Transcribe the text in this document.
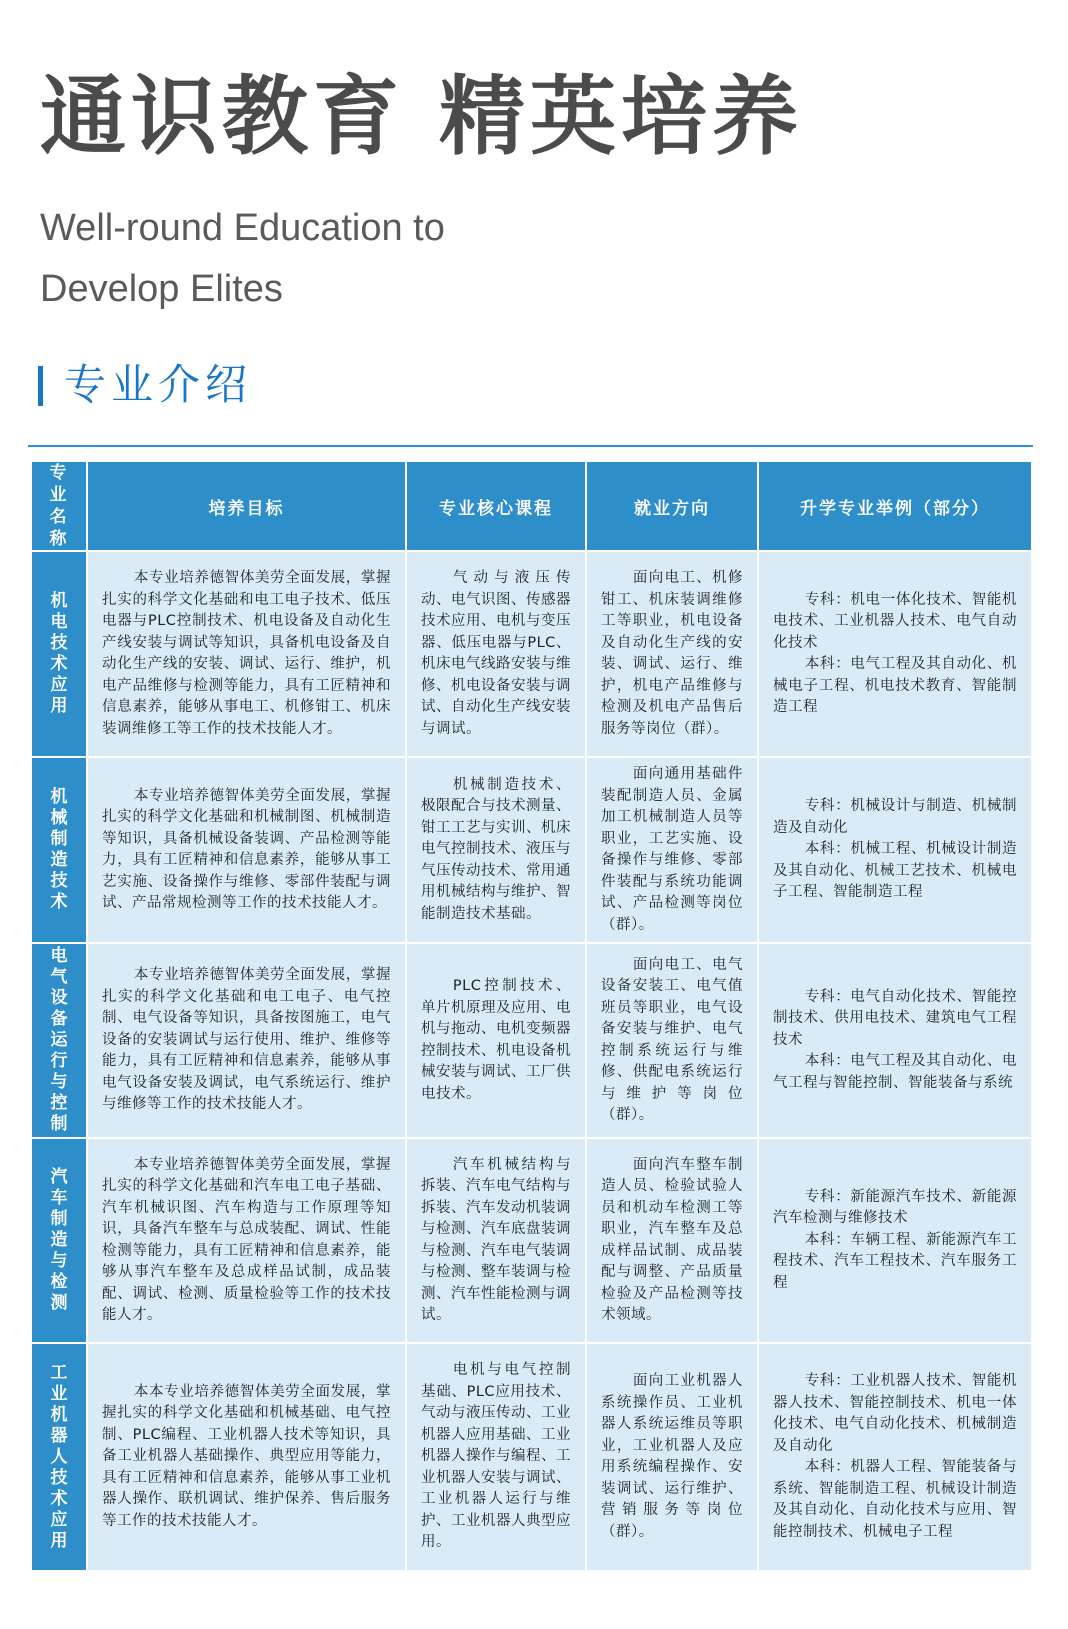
通识教育 精英培养
Well-round Education to
Develop Elites
专业介绍
专业名称	培养目标	专业核心课程	就业方向	升学专业举例（部分）
机电技术应用	本专业培养德智体美劳全面发展，掌握扎实的科学文化基础和电工电子技术、低压电器与PLC控制技术、机电设备及自动化生产线安装与调试等知识，具备机电设备及自动化生产线的安装、调试、运行、维护，机电产品维修与检测等能力，具有工匠精神和信息素养，能够从事电工、机修钳工、机床装调维修工等工作的技术技能人才。	气动与液压传动、电气识图、传感器技术应用、电机与变压器、低压电器与PLC、机床电气线路安装与维修、机电设备安装与调试、自动化生产线安装与调试。	面向电工、机修钳工、机床装调维修工等职业，机电设备及自动化生产线的安装、调试、运行、维护，机电产品维修与检测及机电产品售后服务等岗位（群）。	专科：机电一体化技术、智能机电技术、工业机器人技术、电气自动化技术
本科：电气工程及其自动化、机械电子工程、机电技术教育、智能制造工程

机械制造技术	本专业培养德智体美劳全面发展，掌握扎实的科学文化基础和机械制图、机械制造等知识，具备机械设备装调、产品检测等能力，具有工匠精神和信息素养，能够从事工艺实施、设备操作与维修、零部件装配与调试、产品常规检测等工作的技术技能人才。	机械制造技术、极限配合与技术测量、钳工工艺与实训、机床电气控制技术、液压与气压传动技术、常用通用机械结构与维护、智能制造技术基础。	面向通用基础件装配制造人员、金属加工机械制造人员等职业，工艺实施、设备操作与维修、零部件装配与系统功能调试、产品检测等岗位（群）。	专科：机械设计与制造、机械制造及自动化
本科：机械工程、机械设计制造及其自动化、机械工艺技术、机械电子工程、智能制造工程

电气设备运行与控制	本专业培养德智体美劳全面发展，掌握扎实的科学文化基础和电工电子、电气控制、电气设备等知识，具备按图施工，电气设备的安装调试与运行使用、维护、维修等能力，具有工匠精神和信息素养，能够从事电气设备安装及调试，电气系统运行、维护与维修等工作的技术技能人才。	PLC控制技术、单片机原理及应用、电机与拖动、电机变频器控制技术、机电设备机械安装与调试、工厂供电技术。	面向电工、电气设备安装工、电气值班员等职业，电气设备安装与维护、电气控制系统运行与维修、供配电系统运行与维护等岗位（群）。	专科：电气自动化技术、智能控制技术、供用电技术、建筑电气工程技术
本科：电气工程及其自动化、电气工程与智能控制、智能装备与系统

汽车制造与检测	本专业培养德智体美劳全面发展，掌握扎实的科学文化基础和汽车电工电子基础、汽车机械识图、汽车构造与工作原理等知识，具备汽车整车与总成装配、调试、性能检测等能力，具有工匠精神和信息素养，能够从事汽车整车及总成样品试制，成品装配、调试、检测、质量检验等工作的技术技能人才。	汽车机械结构与拆装、汽车电气结构与拆装、汽车发动机装调与检测、汽车底盘装调与检测、汽车电气装调与检测、整车装调与检测、汽车性能检测与调试。	面向汽车整车制造人员、检验试验人员和机动车检测工等职业，汽车整车及总成样品试制、成品装配与调整、产品质量检验及产品检测等技术领域。	专科：新能源汽车技术、新能源汽车检测与维修技术
本科：车辆工程、新能源汽车工程技术、汽车工程技术、汽车服务工程

工业机器人技术应用	本本专业培养德智体美劳全面发展，掌握扎实的科学文化基础和机械基础、电气控制、PLC编程、工业机器人技术等知识，具备工业机器人基础操作、典型应用等能力，具有工匠精神和信息素养，能够从事工业机器人操作、联机调试、维护保养、售后服务等工作的技术技能人才。	电机与电气控制基础、PLC应用技术、气动与液压传动、工业机器人应用基础、工业机器人操作与编程、工业机器人安装与调试、工业机器人运行与维护、工业机器人典型应用。	面向工业机器人系统操作员、工业机器人系统运维员等职业，工业机器人及应用系统编程操作、安装调试、运行维护、营销服务等岗位（群）。	专科：工业机器人技术、智能机器人技术、智能控制技术、机电一体化技术、电气自动化技术、机械制造及自动化
本科：机器人工程、智能装备与系统、智能制造工程、机械设计制造及其自动化、自动化技术与应用、智能控制技术、机械电子工程
